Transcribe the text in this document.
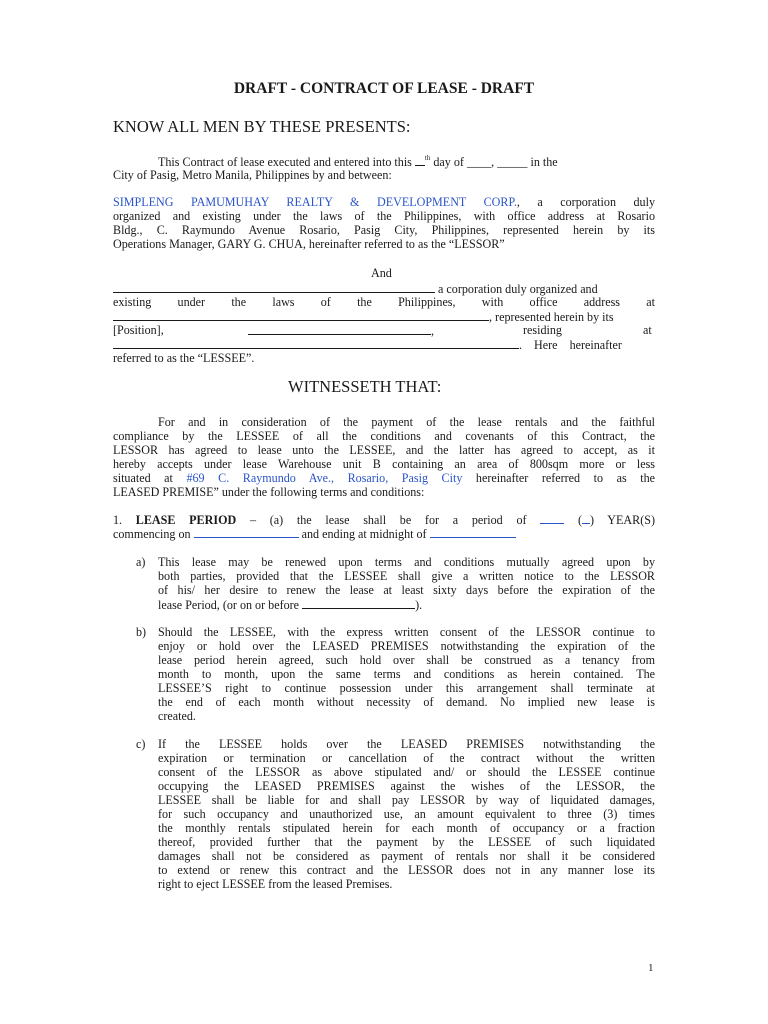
DRAFT - CONTRACT OF LEASE - DRAFT
KNOW ALL MEN BY THESE PRESENTS:
This Contract of lease executed and entered into this $^{th}$ day of ____, _____ in the
City of Pasig, Metro Manila, Philippines by and between:
SIMPLENG PAMUMUHAY REALTY & DEVELOPMENT CORP., a corporation duly
organized and existing under the laws of the Philippines, with office address at Rosario
Bldg., C. Raymundo Avenue Rosario, Pasig City, Philippines, represented herein by its
Operations Manager, GARY G. CHUA, hereinafter referred to as the “LESSOR”
And
a corporation duly organized and
existing under the laws of the Philippines, with office address at
, represented herein by its
[Position],	,	residing	at
. Here hereinafter
referred to as the “LESSEE”.
WITNESSETH THAT:
For and in consideration of the payment of the lease rentals and the faithful
compliance by the LESSEE of all the conditions and covenants of this Contract, the
LESSOR has agreed to lease unto the LESSEE, and the latter has agreed to accept, as it
hereby accepts under lease Warehouse unit B containing an area of 800sqm more or less
situated at #69 C. Raymundo Ave., Rosario, Pasig City hereinafter referred to as the
LEASED PREMISE” under the following terms and conditions:
1. LEASE PERIOD – (a) the lease shall be for a period of  ( ) YEAR(S)
commencing on	and ending at midnight of
a) This lease may be renewed upon terms and conditions mutually agreed upon by
both parties, provided that the LESSEE shall give a written notice to the LESSOR
of his/ her desire to renew the lease at least sixty days before the expiration of the
lease Period, (or on or before	).
b) Should the LESSEE, with the express written consent of the LESSOR continue to
enjoy or hold over the LEASED PREMISES notwithstanding the expiration of the
lease period herein agreed, such hold over shall be construed as a tenancy from
month to month, upon the same terms and conditions as herein contained. The
LESSEE’S right to continue possession under this arrangement shall terminate at
the end of each month without necessity of demand. No implied new lease is
created.
c) If the LESSEE holds over the LEASED PREMISES notwithstanding the
expiration or termination or cancellation of the contract without the written
consent of the LESSOR as above stipulated and/ or should the LESSEE continue
occupying the LEASED PREMISES against the wishes of the LESSOR, the
LESSEE shall be liable for and shall pay LESSOR by way of liquidated damages,
for such occupancy and unauthorized use, an amount equivalent to three (3) times
the monthly rentals stipulated herein for each month of occupancy or a fraction
thereof, provided further that the payment by the LESSEE of such liquidated
damages shall not be considered as payment of rentals nor shall it be considered
to extend or renew this contract and the LESSOR does not in any manner lose its
right to eject LESSEE from the leased Premises.
1
